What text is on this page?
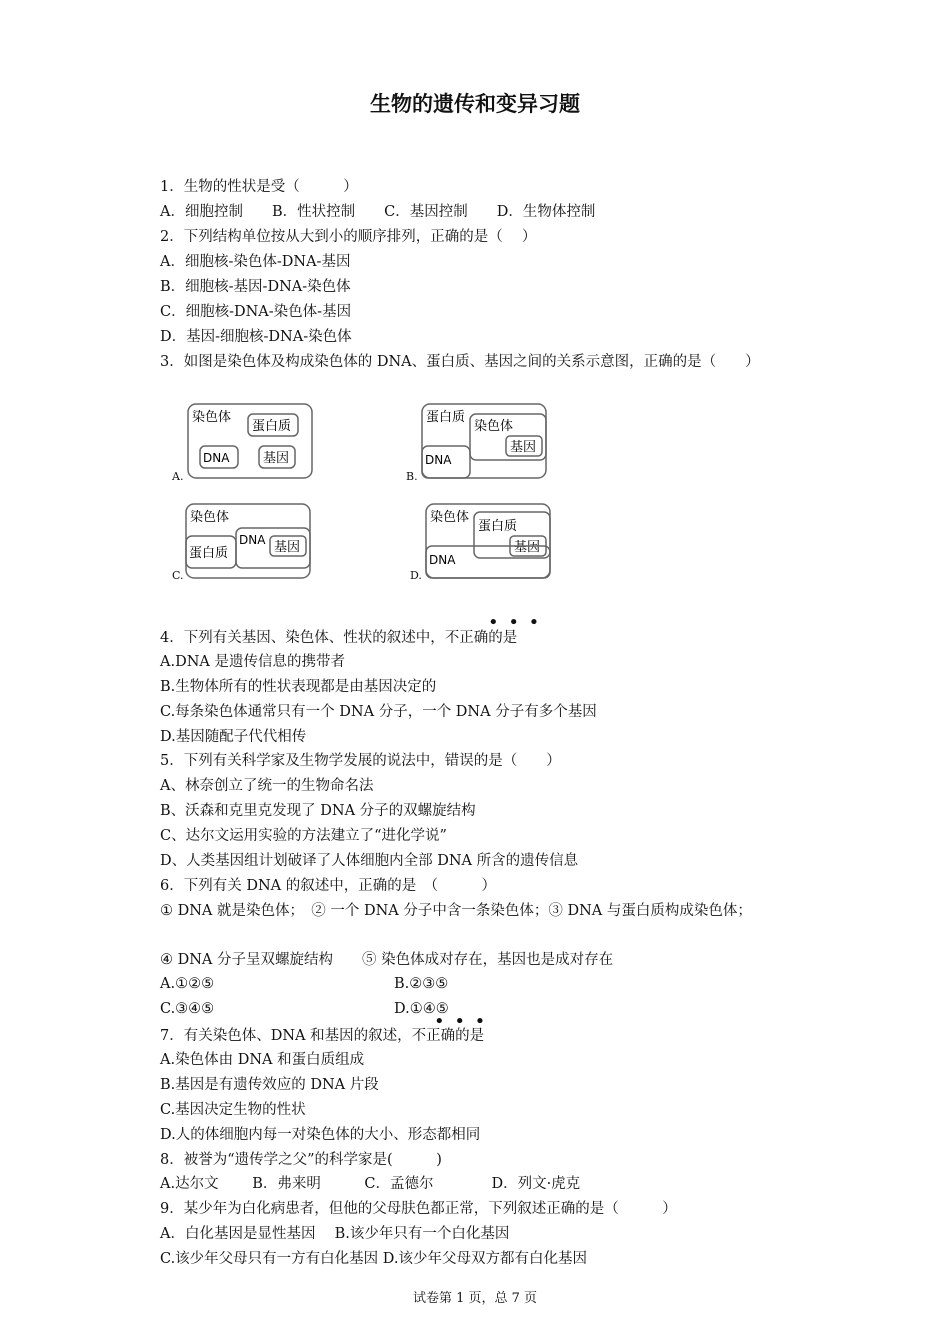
生物的遗传和变异习题
1．生物的性状是受（　　　）
A．细胞控制　　B．性状控制　　C．基因控制　　D．生物体控制
2．下列结构单位按从大到小的顺序排列，正确的是（　 ）
A．细胞核-染色体-DNA-基因
B．细胞核-基因-DNA-染色体
C．细胞核-DNA-染色体-基因
D．基因-细胞核-DNA-染色体
3．如图是染色体及构成染色体的 DNA、蛋白质、基因之间的关系示意图，正确的是（　　）
染色体
蛋白质
DNA	基因
A.
蛋白质
染色体
基因
DNA
B.
染色体
蛋白质
DNA 基因
C.
染色体
蛋白质
基因
DNA
D.
• • •
4．下列有关基因、染色体、性状的叙述中，不正确的是
A.DNA 是遗传信息的携带者
B.生物体所有的性状表现都是由基因决定的
C.每条染色体通常只有一个 DNA 分子，一个 DNA 分子有多个基因
D.基因随配子代代相传
5．下列有关科学家及生物学发展的说法中，错误的是（　　）
A、林奈创立了统一的生物命名法
B、沃森和克里克发现了 DNA 分子的双螺旋结构
C、达尔文运用实验的方法建立了“进化学说”
D、人类基因组计划破译了人体细胞内全部 DNA 所含的遗传信息
6．下列有关 DNA 的叙述中，正确的是　（　　　）
① DNA 就是染色体；　② 一个 DNA 分子中含一条染色体；③ DNA 与蛋白质构成染色体；
④ DNA 分子呈双螺旋结构　　⑤ 染色体成对存在，基因也是成对存在
A.①②⑤	B.②③⑤
C.③④⑤	D.①④⑤
• • •
7．有关染色体、DNA 和基因的叙述，不正确的是
A.染色体由 DNA 和蛋白质组成
B.基因是有遗传效应的 DNA 片段
C.基因决定生物的性状
D.人的体细胞内每一对染色体的大小、形态都相同
8．被誉为“遗传学之父”的科学家是(　　　)
A.达尔文　　 B．弗来明　　　C．孟德尔　　　　D．列文·虎克
9．某少年为白化病患者，但他的父母肤色都正常，下列叙述正确的是（　　　）
A．白化基因是显性基因　 B.该少年只有一个白化基因
C.该少年父母只有一方有白化基因 D.该少年父母双方都有白化基因
试卷第 1 页，总 7 页
